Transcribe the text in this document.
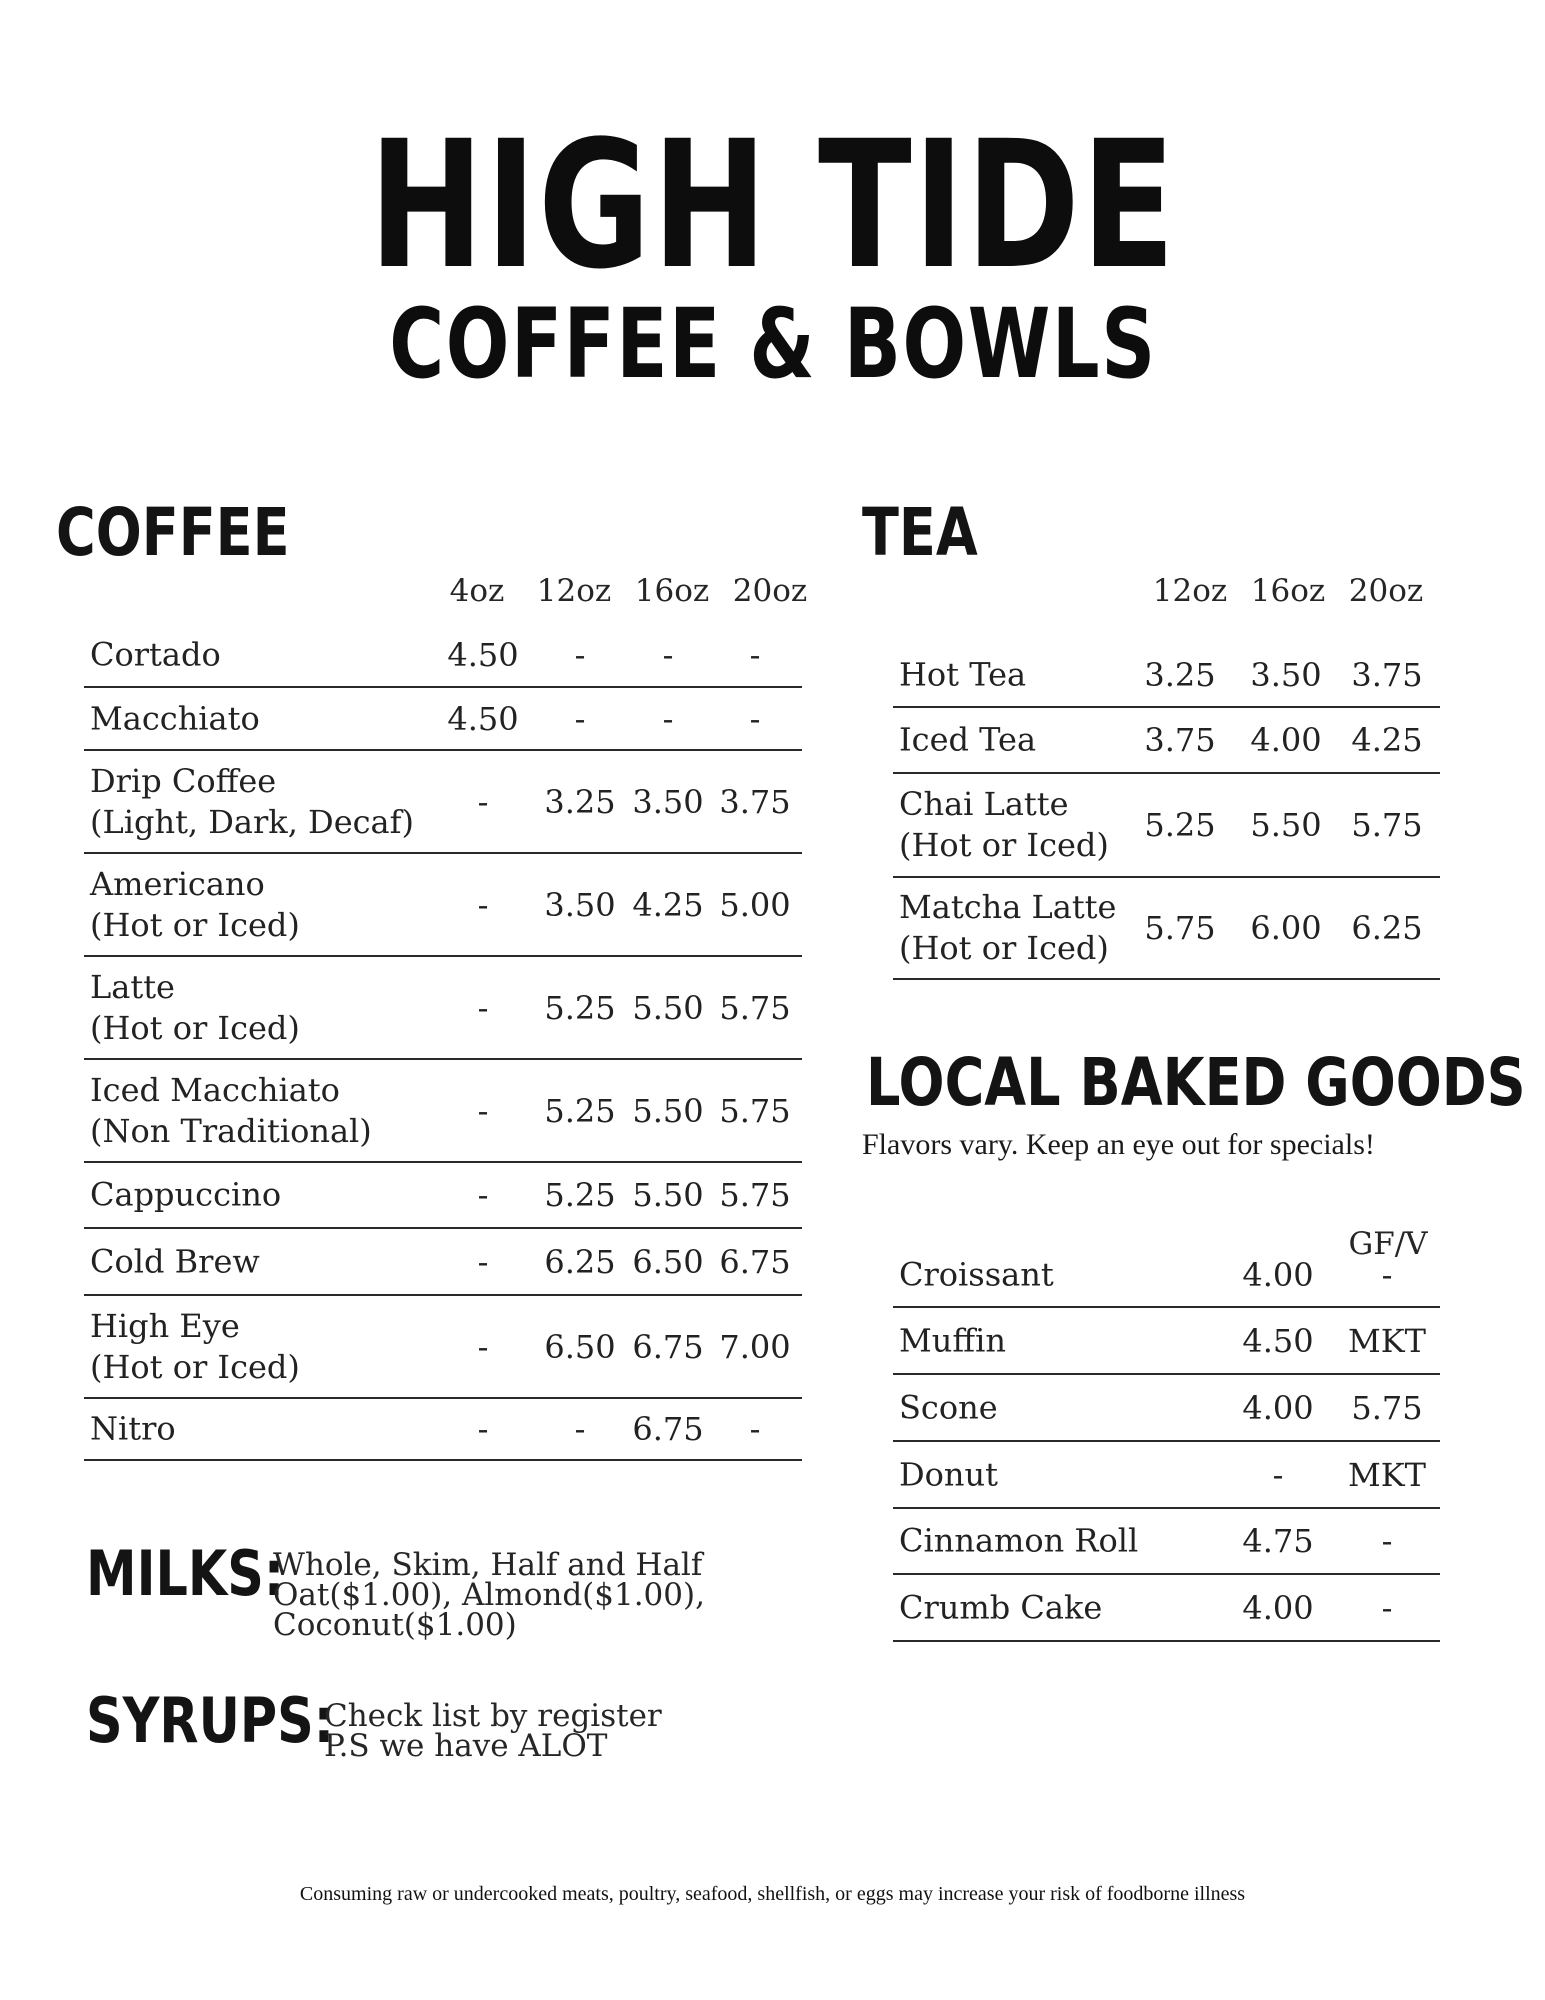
HIGH TIDE
COFFEE & BOWLS
COFFEE
4oz	12oz 16oz 20oz
Cortado	4.50	-	-	-
Macchiato	4.50	-	-	-
Drip Coffee
(Light, Dark, Decaf)
-	3.25 3.50 3.75
Americano
(Hot or Iced)
-	3.50 4.25 5.00
Latte
(Hot or Iced)
-	5.25 5.50 5.75
Iced Macchiato
(Non Traditional)
-	5.25 5.50 5.75
Cappuccino	-	5.25 5.50 5.75
Cold Brew	-	6.25 6.50 6.75
High Eye
(Hot or Iced)
-	6.50 6.75 7.00
Nitro	-	-	6.75	-
TEA
12oz 16oz 20oz
Hot Tea	3.25	3.50 3.75
Iced Tea	3.75	4.00 4.25
Chai Latte
(Hot or Iced)
5.25	5.50 5.75
Matcha Latte
(Hot or Iced)
5.75	6.00 6.25
LOCAL BAKED GOODS
Flavors vary. Keep an eye out for specials!
GF/V
Croissant	4.00	-
Muffin	4.50	MKT
Scone	4.00	5.75
Donut	-	MKT
Cinnamon Roll	4.75	-
Crumb Cake	4.00	-
MILKS:
Whole, Skim, Half and Half
Oat($1.00), Almond($1.00),
Coconut($1.00)
SYRUPS:
Check list by register
P.S we have ALOT
Consuming raw or undercooked meats, poultry, seafood, shellfish, or eggs may increase your risk of foodborne illness
